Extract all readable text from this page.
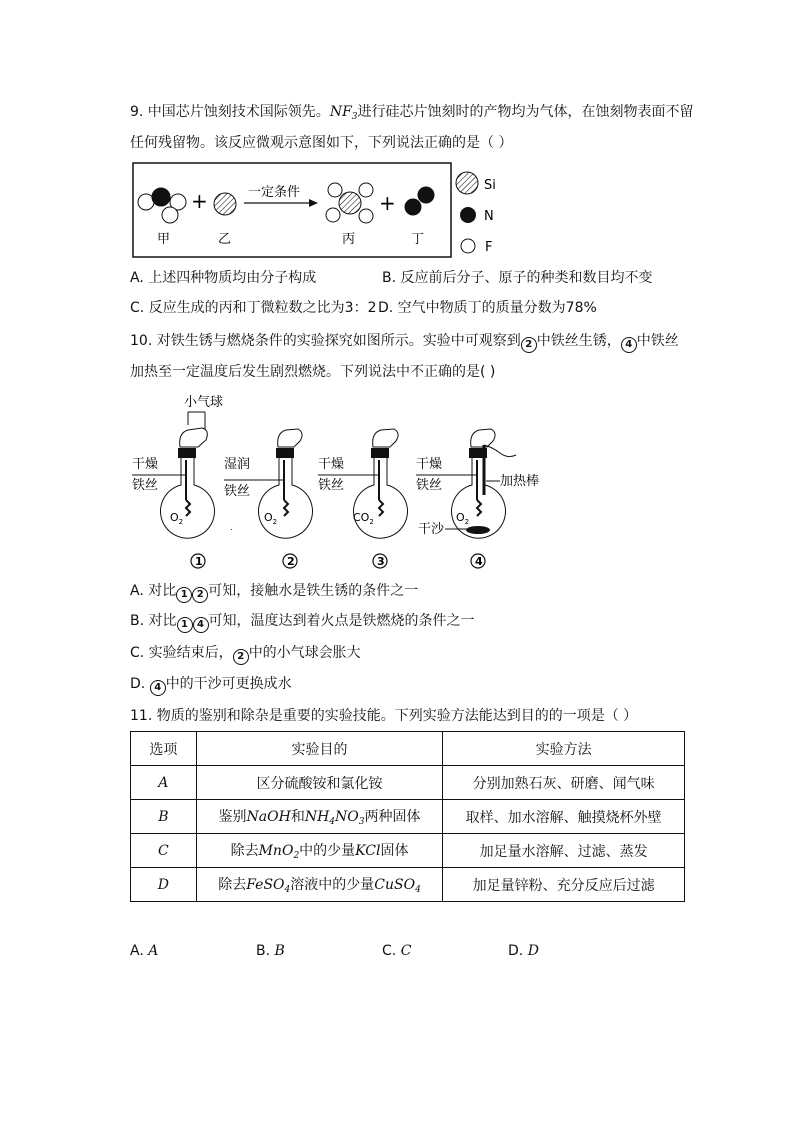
9. 中国芯片蚀刻技术国际领先。$NF_3$进行硅芯片蚀刻时的产物均为气体，在蚀刻物表面不留
任何残留物。该反应微观示意图如下，下列说法正确的是（ ）
+	一定条件	+
甲	乙	丙	丁
Si
N
F
A. 上述四种物质均由分子构成	B. 反应前后分子、原子的种类和数目均不变
C. 反应生成的丙和丁微粒数之比为3：2 D. 空气中物质丁的质量分数为78%
10. 对铁生锈与燃烧条件的实验探究如图所示。实验中可观察到 2 中铁丝生锈， 4 中铁丝
加热至一定温度后发生剧烈燃烧。下列说法中不正确的是( )
小气球
$O_2$
干燥
铁丝
$O_2$
湿润
铁丝
$CO_2$
干燥
铁丝
$O_2$
干燥
铁丝	加热棒
干沙
.
1	2	3	4
A. 对比 1 2 可知，接触水是铁生锈的条件之一
B. 对比 1 4 可知，温度达到着火点是铁燃烧的条件之一
C. 实验结束后， 2 中的小气球会胀大
D. 4 中的干沙可更换成水
11. 物质的鉴别和除杂是重要的实验技能。下列实验方法能达到目的的一项是（ ）
选项	实验目的	实验方法
A	区分硫酸铵和氯化铵	分别加熟石灰、研磨、闻气味
B	鉴别NaOH和$NH_4NO_3$两种固体	取样、加水溶解、触摸烧杯外壁
C	除去MnO$_2$中的少量KCl固体	加足量水溶解、过滤、蒸发
D	除去FeSO$_4$溶液中的少量CuSO$_4$	加足量锌粉、充分反应后过滤
A. A	B. B	C. C	D. D
